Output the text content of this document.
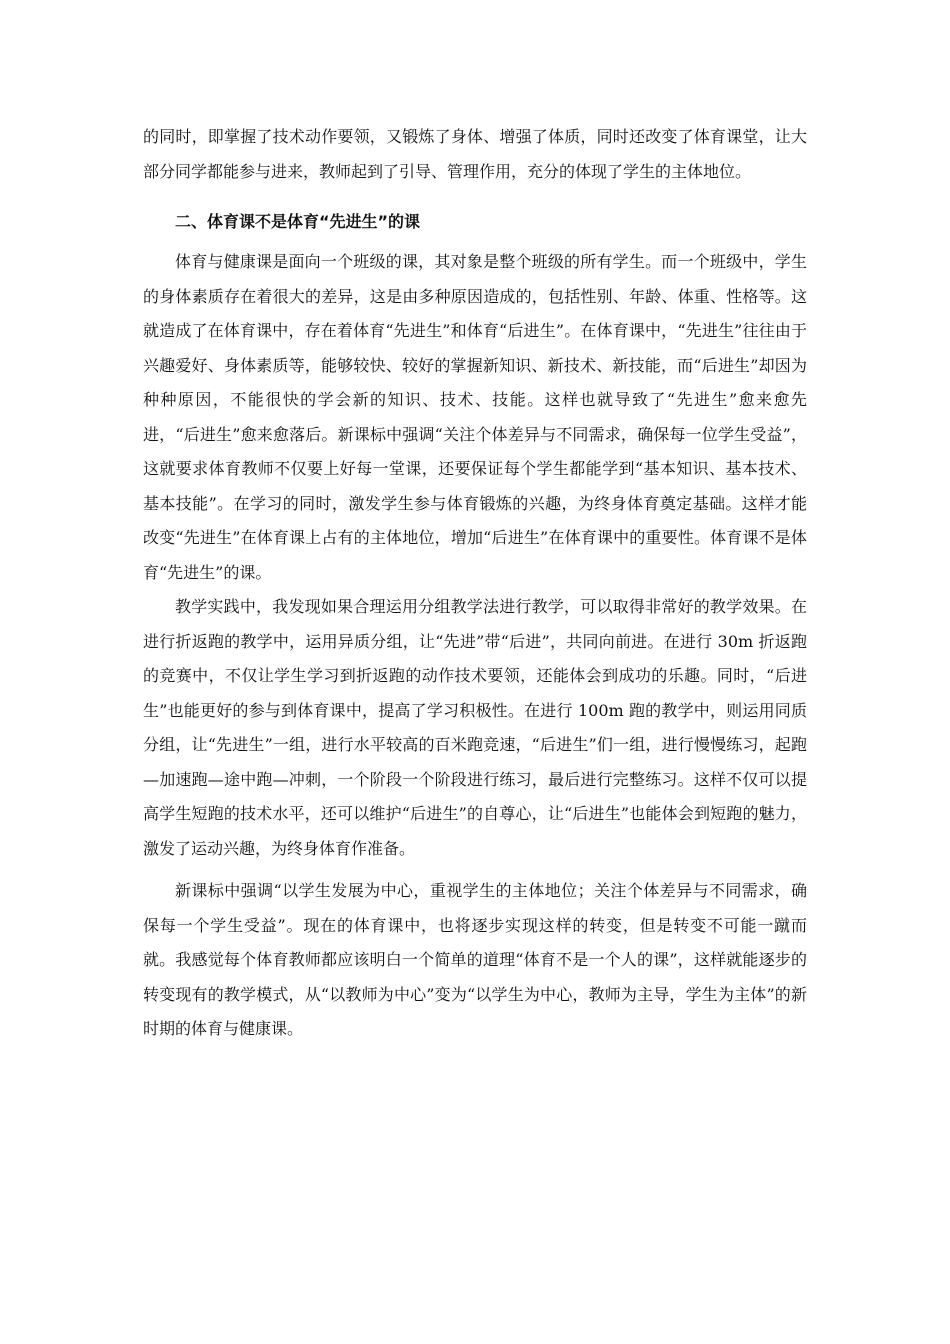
的同时，即掌握了技术动作要领，又锻炼了身体、增强了体质，同时还改变了体育课堂，让大部分同学都能参与进来，教师起到了引导、管理作用，充分的体现了学生的主体地位。

二、体育课不是体育“先进生”的课

体育与健康课是面向一个班级的课，其对象是整个班级的所有学生。而一个班级中，学生的身体素质存在着很大的差异，这是由多种原因造成的，包括性别、年龄、体重、性格等。这就造成了在体育课中，存在着体育“先进生”和体育“后进生”。在体育课中，“先进生”往往由于兴趣爱好、身体素质等，能够较快、较好的掌握新知识、新技术、新技能，而“后进生”却因为种种原因，不能很快的学会新的知识、技术、技能。这样也就导致了“先进生”愈来愈先进，“后进生”愈来愈落后。新课标中强调“关注个体差异与不同需求，确保每一位学生受益”，这就要求体育教师不仅要上好每一堂课，还要保证每个学生都能学到“基本知识、基本技术、基本技能”。在学习的同时，激发学生参与体育锻炼的兴趣，为终身体育奠定基础。这样才能改变“先进生”在体育课上占有的主体地位，增加“后进生”在体育课中的重要性。体育课不是体育“先进生”的课。

教学实践中，我发现如果合理运用分组教学法进行教学，可以取得非常好的教学效果。在进行折返跑的教学中，运用异质分组，让“先进”带“后进”，共同向前进。在进行 30m 折返跑的竞赛中，不仅让学生学习到折返跑的动作技术要领，还能体会到成功的乐趣。同时，“后进生”也能更好的参与到体育课中，提高了学习积极性。在进行 100m 跑的教学中，则运用同质分组，让“先进生”一组，进行水平较高的百米跑竞速，“后进生”们一组，进行慢慢练习，起跑—加速跑—途中跑—冲刺，一个阶段一个阶段进行练习，最后进行完整练习。这样不仅可以提高学生短跑的技术水平，还可以维护“后进生”的自尊心，让“后进生”也能体会到短跑的魅力，激发了运动兴趣，为终身体育作准备。

新课标中强调“以学生发展为中心，重视学生的主体地位；关注个体差异与不同需求，确保每一个学生受益”。现在的体育课中，也将逐步实现这样的转变，但是转变不可能一蹴而就。我感觉每个体育教师都应该明白一个简单的道理“体育不是一个人的课”，这样就能逐步的转变现有的教学模式，从“以教师为中心”变为“以学生为中心，教师为主导，学生为主体”的新时期的体育与健康课。
